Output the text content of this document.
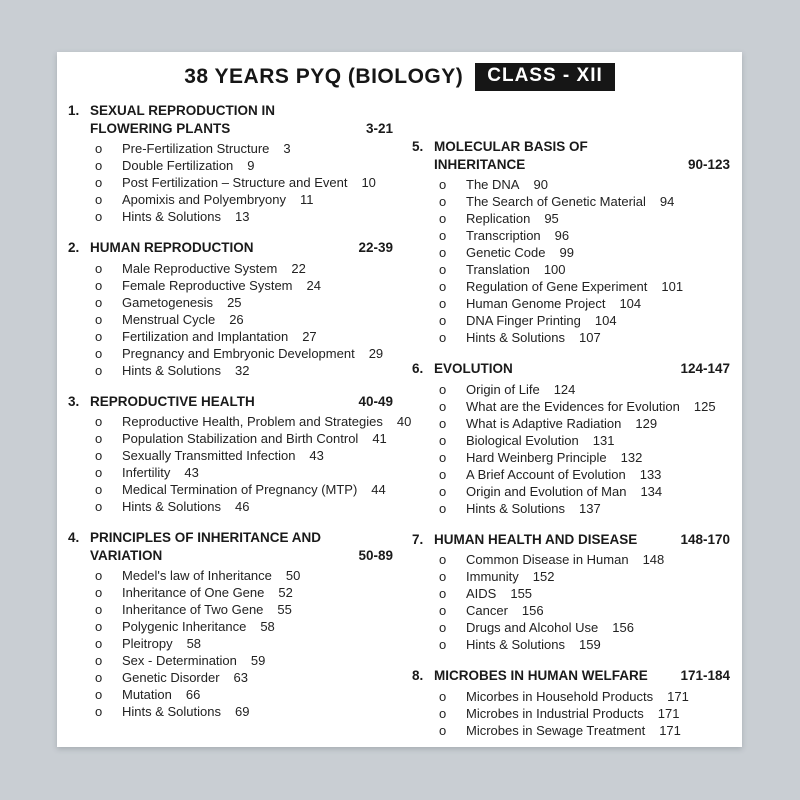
38 YEARS PYQ (BIOLOGY)	CLASS - XII
1. SEXUAL REPRODUCTION IN FLOWERING PLANTS	3-21
o	Pre-Fertilization Structure 3
o	Double Fertilization 9
o	Post Fertilization – Structure and Event 10
o	Apomixis and Polyembryony 11
o	Hints & Solutions 13
2. HUMAN REPRODUCTION	22-39
o	Male Reproductive System 22
o	Female Reproductive System 24
o	Gametogenesis 25
o	Menstrual Cycle 26
o	Fertilization and Implantation 27
o	Pregnancy and Embryonic Development 29
o	Hints & Solutions 32
3. REPRODUCTIVE HEALTH	40-49
o	Reproductive Health, Problem and Strategies 40
o	Population Stabilization and Birth Control 41
o	Sexually Transmitted Infection 43
o	Infertility 43
o	Medical Termination of Pregnancy (MTP) 44
o	Hints & Solutions 46
4. PRINCIPLES OF INHERITANCE AND VARIATION	50-89
o	Medel's law of Inheritance 50
o	Inheritance of One Gene 52
o	Inheritance of Two Gene 55
o	Polygenic Inheritance 58
o	Pleitropy 58
o	Sex - Determination 59
o	Genetic Disorder 63
o	Mutation 66
o	Hints & Solutions 69
5. MOLECULAR BASIS OF INHERITANCE	90-123
o	The DNA 90
o	The Search of Genetic Material 94
o	Replication 95
o	Transcription 96
o	Genetic Code 99
o	Translation 100
o	Regulation of Gene Experiment 101
o	Human Genome Project 104
o	DNA Finger Printing 104
o	Hints & Solutions 107
6. EVOLUTION	124-147
o	Origin of Life 124
o	What are the Evidences for Evolution 125
o	What is Adaptive Radiation 129
o	Biological Evolution 131
o	Hard Weinberg Principle 132
o	A Brief Account of Evolution 133
o	Origin and Evolution of Man 134
o	Hints & Solutions 137
7. HUMAN HEALTH AND DISEASE	148-170
o	Common Disease in Human 148
o	Immunity 152
o	AIDS 155
o	Cancer 156
o	Drugs and Alcohol Use 156
o	Hints & Solutions 159
8. MICROBES IN HUMAN WELFARE	171-184
o	Micorbes in Household Products 171
o	Microbes in Industrial Products 171
o	Microbes in Sewage Treatment 171
